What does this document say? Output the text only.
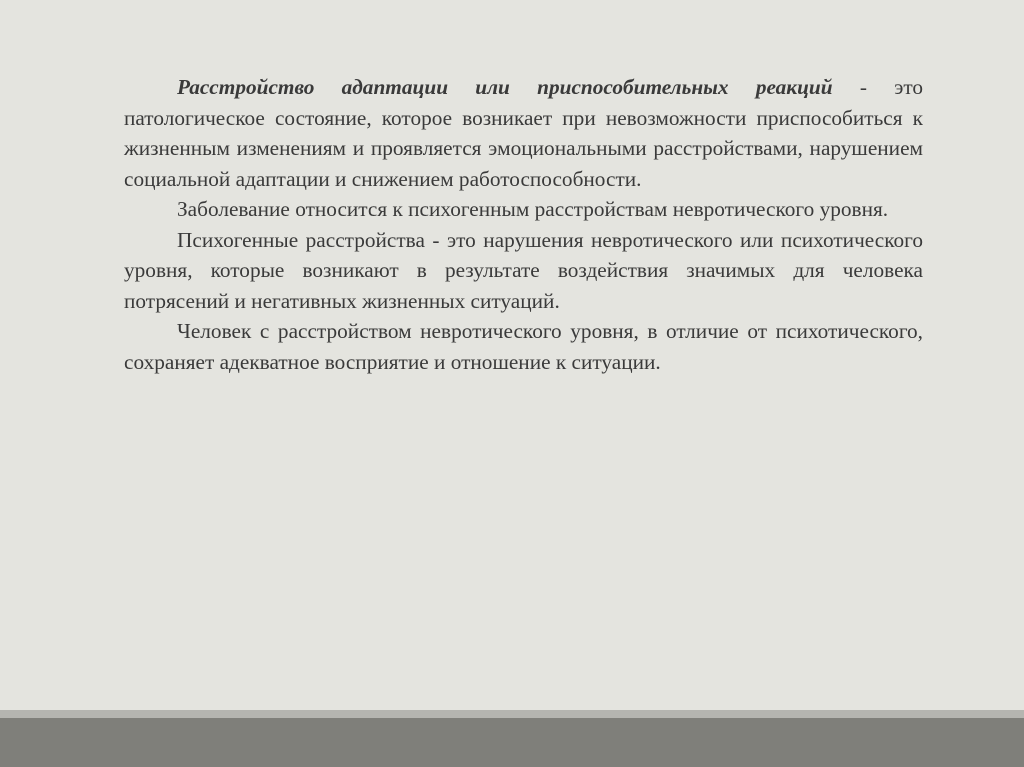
Расстройство адаптации или приспособительных реакций - это патологическое состояние, которое возникает при невозможности приспособиться к жизненным изменениям и проявляется эмоциональными расстройствами, нарушением социальной адаптации и снижением работоспособности.

Заболевание относится к психогенным расстройствам невротического уровня.

Психогенные расстройства - это нарушения невротического или психотического уровня, которые возникают в результате воздействия значимых для человека потрясений и негативных жизненных ситуаций.

Человек с расстройством невротического уровня, в отличие от психотического, сохраняет адекватное восприятие и отношение к ситуации.
